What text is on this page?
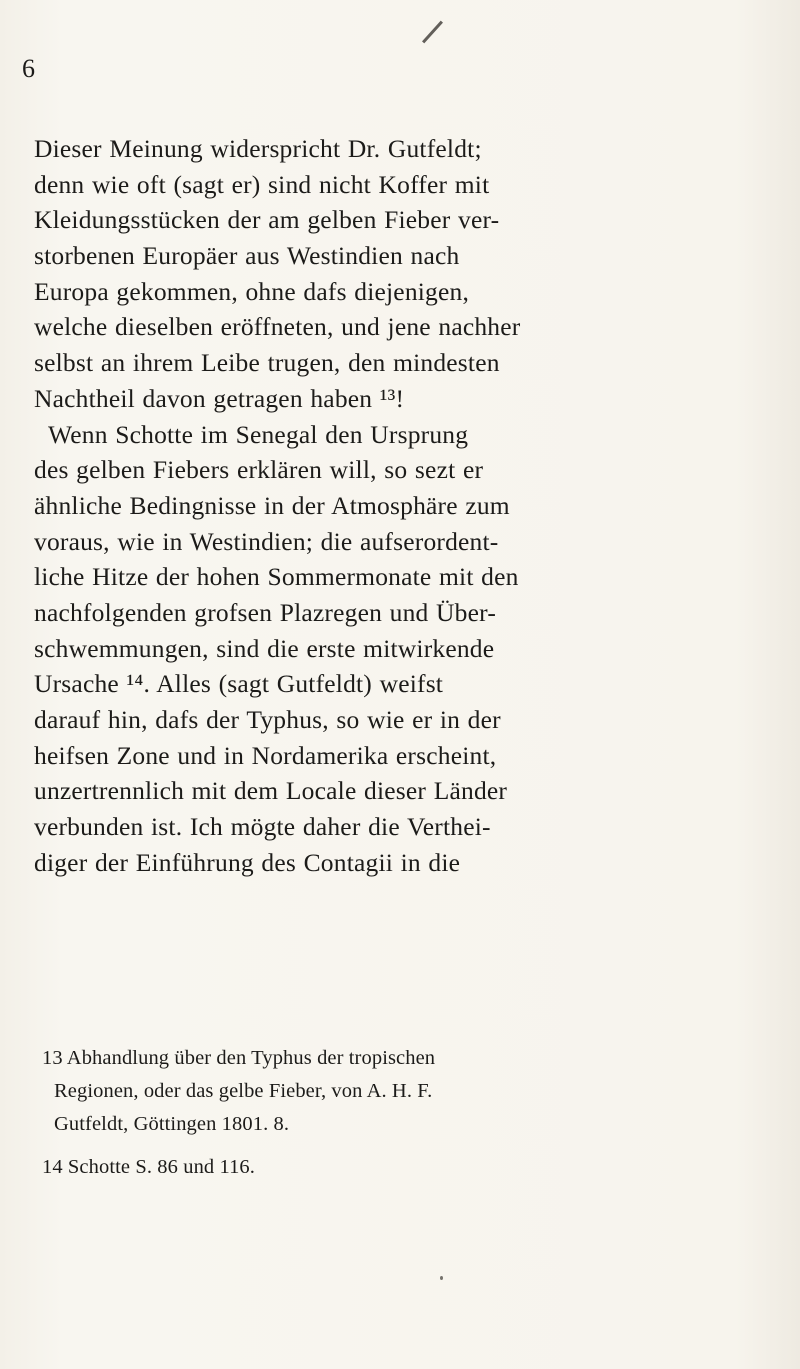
6
Dieser Meinung widerspricht Dr. Gutfeldt;
denn wie oft (sagt er) sind nicht Koffer mit
Kleidungsstücken der am gelben Fieber ver-
storbenen Europäer aus Westindien nach
Europa gekommen, ohne dafs diejenigen,
welche dieselben eröffneten, und jene nachher
selbst an ihrem Leibe trugen, den mindesten
Nachtheil davon getragen haben ¹³!
Wenn Schotte im Senegal den Ursprung
des gelben Fiebers erklären will, so sezt er
ähnliche Bedingnisse in der Atmosphäre zum
voraus, wie in Westindien; die aufserordent-
liche Hitze der hohen Sommermonate mit den
nachfolgenden grofsen Plazregen und Über-
schwemmungen, sind die erste mitwirkende
Ursache ¹⁴. Alles (sagt Gutfeldt) weifst
darauf hin, dafs der Typhus, so wie er in der
heifsen Zone und in Nordamerika erscheint,
unzertrennlich mit dem Locale dieser Länder
verbunden ist. Ich mögte daher die Verthei-
diger der Einführung des Contagii in die
13 Abhandlung über den Typhus der tropischen
Regionen, oder das gelbe Fieber, von A. H. F.
Gutfeldt, Göttingen 1801. 8.
14 Schotte S. 86 und 116.
